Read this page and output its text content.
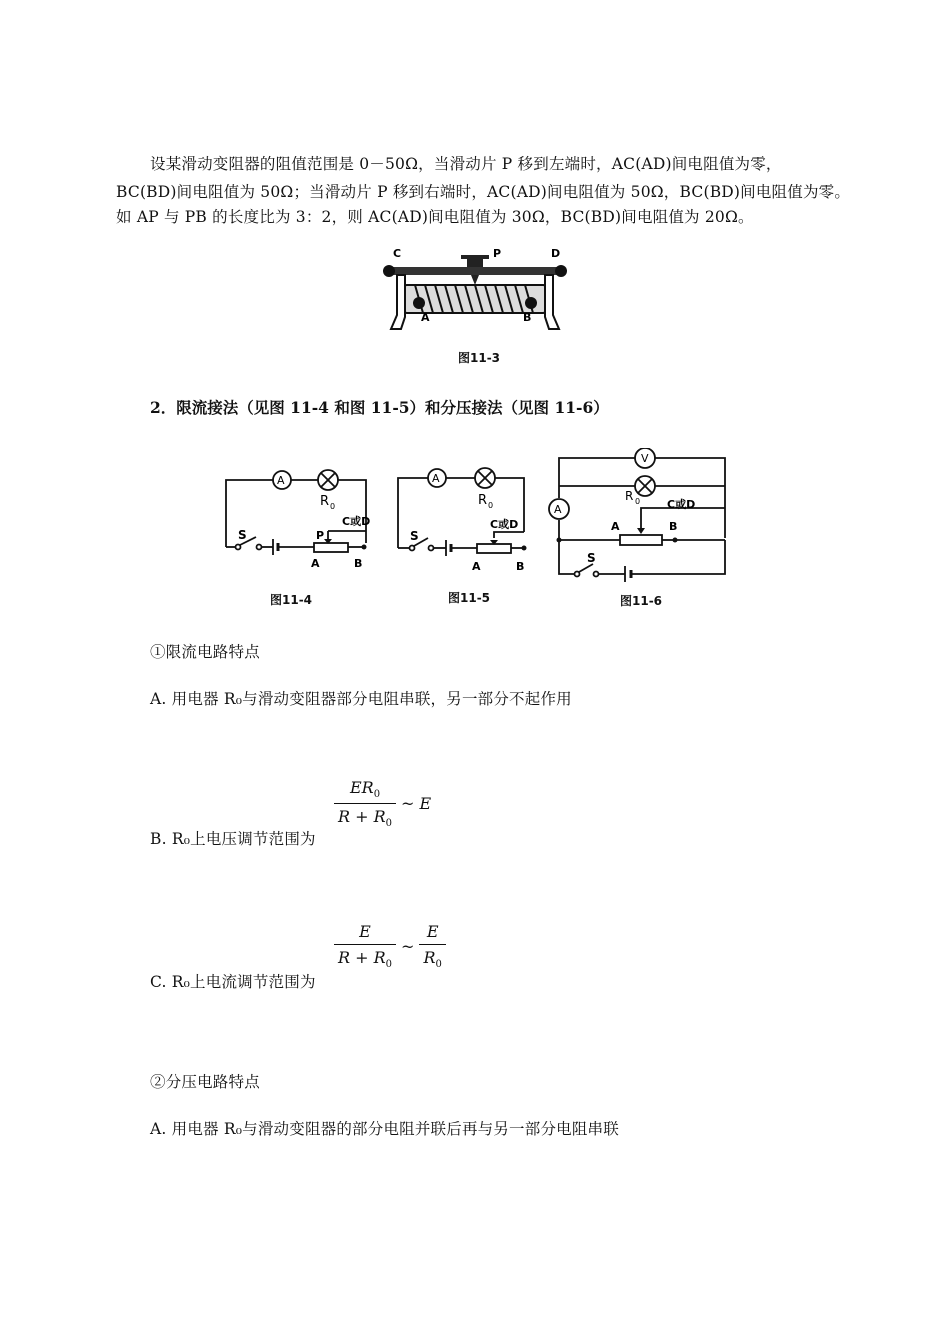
设某滑动变阻器的阻值范围是 0－50Ω，当滑动片 P 移到左端时，AC(AD)间电阻值为零，
BC(BD)间电阻值为 50Ω；当滑动片 P 移到右端时，AC(AD)间电阻值为 50Ω，BC(BD)间电阻值为零。
如 AP 与 PB 的长度比为 3：2，则 AC(AD)间电阻值为 30Ω，BC(BD)间电阻值为 20Ω。
C	P	D
A	B
图11-3
2．限流接法（见图 11-4 和图 11-5）和分压接法（见图 11-6）
A
R 0
S	P
C或D
A	B
图11-4
A
R 0
S
C或D
A	B
图11-5
V
A
R 0 C或D
A	B
S
图11-6
①限流电路特点
A. 用电器 R₀与滑动变阻器部分电阻串联，另一部分不起作用
$\frac{ER_0}{R + R_0}$ ~ E
B. R₀上电压调节范围为
$\frac{E}{R + R_0}$ ~ $\frac{E}{R_0}$
C. R₀上电流调节范围为
②分压电路特点
A. 用电器 R₀与滑动变阻器的部分电阻并联后再与另一部分电阻串联
